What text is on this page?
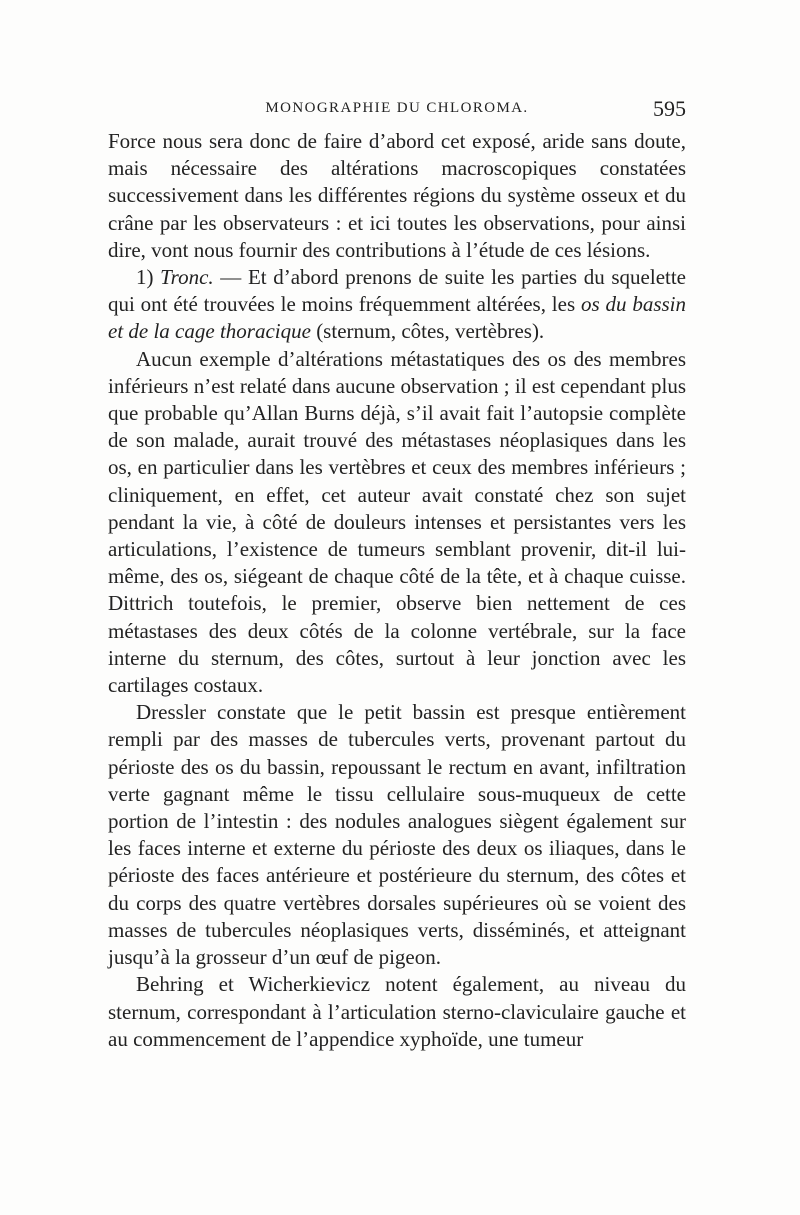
MONOGRAPHIE DU CHLOROMA.	595

Force nous sera donc de faire d’abord cet exposé, aride sans doute, mais nécessaire des altérations macroscopiques constatées successivement dans les différentes régions du système osseux et du crâne par les observateurs : et ici toutes les observations, pour ainsi dire, vont nous fournir des contributions à l’étude de ces lésions.

1) Tronc. — Et d’abord prenons de suite les parties du squelette qui ont été trouvées le moins fréquemment altérées, les os du bassin et de la cage thoracique (sternum, côtes, vertèbres).

Aucun exemple d’altérations métastatiques des os des membres inférieurs n’est relaté dans aucune observation ; il est cependant plus que probable qu’Allan Burns déjà, s’il avait fait l’autopsie complète de son malade, aurait trouvé des métastases néoplasiques dans les os, en particulier dans les vertèbres et ceux des membres inférieurs ; cliniquement, en effet, cet auteur avait constaté chez son sujet pendant la vie, à côté de douleurs intenses et persistantes vers les articulations, l’existence de tumeurs semblant provenir, dit-il lui-même, des os, siégeant de chaque côté de la tête, et à chaque cuisse. Dittrich toutefois, le premier, observe bien nettement de ces métastases des deux côtés de la colonne vertébrale, sur la face interne du sternum, des côtes, surtout à leur jonction avec les cartilages costaux.

Dressler constate que le petit bassin est presque entièrement rempli par des masses de tubercules verts, provenant partout du périoste des os du bassin, repoussant le rectum en avant, infiltration verte gagnant même le tissu cellulaire sous-muqueux de cette portion de l’intestin : des nodules analogues siègent également sur les faces interne et externe du périoste des deux os iliaques, dans le périoste des faces antérieure et postérieure du sternum, des côtes et du corps des quatre vertèbres dorsales supérieures où se voient des masses de tubercules néoplasiques verts, disséminés, et atteignant jusqu’à la grosseur d’un œuf de pigeon.

Behring et Wicherkievicz notent également, au niveau du sternum, correspondant à l’articulation sterno-claviculaire gauche et au commencement de l’appendice xyphoïde, une tumeur
